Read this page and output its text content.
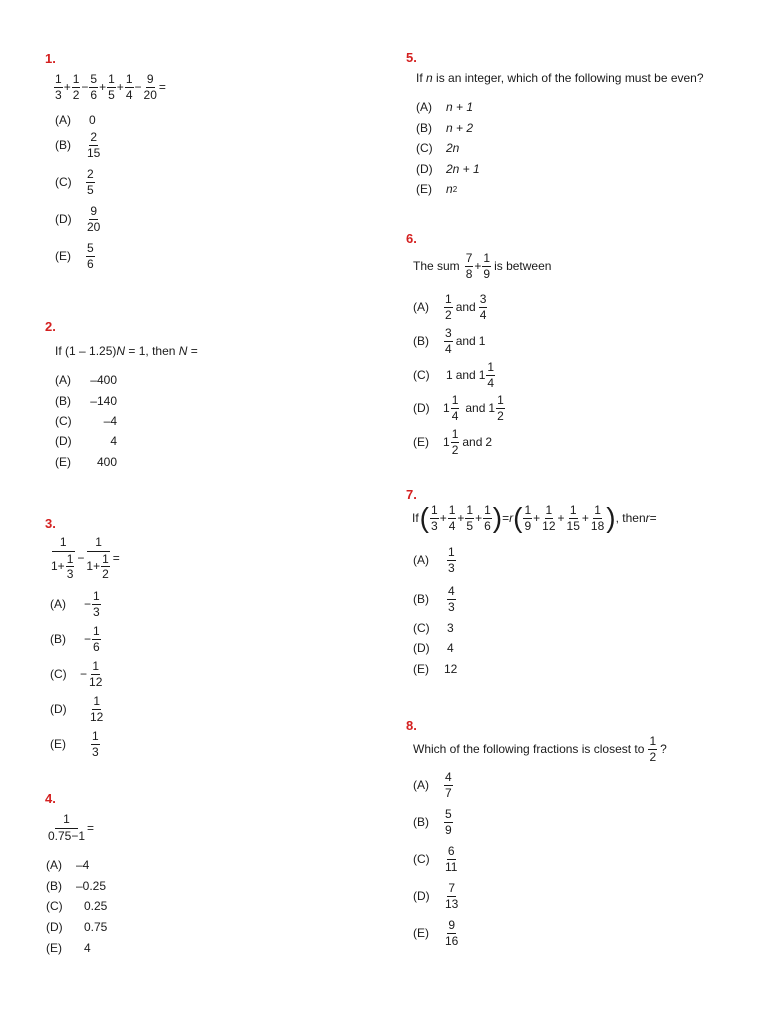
1.
$\frac{1}{3} + \frac{1}{2} - \frac{5}{6} + \frac{1}{5} + \frac{1}{4} - \frac{9}{20}$ =
(A)	0
(B)	$\frac{2}{15}$
(C)	$\frac{2}{5}$
(D)	$\frac{9}{20}$
(E)	$\frac{5}{6}$
2.
If (1 – 1.25)N = 1, then N =
(A)	–400
(B)	–140
(C)	–4
(D)	4
(E)	400
3.
$\frac{1}{1+ \frac{1}{3}} - \frac{1}{1+ \frac{1}{2}}$ =
(A)	− $\frac{1}{3}$
(B)	− $\frac{1}{6}$
(C)	− $\frac{1}{12}$
(D)	$\frac{1}{12}$
(E)	$\frac{1}{3}$
4.
$\frac{1}{0.75-1}$ =
(A)	–4
(B)	–0.25
(C)	0.25
(D)	0.75
(E)	4
5.
If n is an integer, which of the following must be even?
(A)	n + 1
(B)	n + 2
(C)	2n
(D)	2n + 1
(E)	n 2
6.
The sum $\frac{7}{8} + \frac{1}{9}$ is between
(A)	$\frac{1}{2}$ and $\frac{3}{4}$
(B)	$\frac{3}{4}$ and 1
(C)	1 and $1 \frac{1}{4}$
(D)	$1 \frac{1}{4}$ and $1 \frac{1}{2}$
(E)	$1 \frac{1}{2}$ and 2
7.
If ( $\frac{1}{3} + \frac{1}{4} + \frac{1}{5} + \frac{1}{6}$ ) = r ( $\frac{1}{9} + \frac{1}{12} + \frac{1}{15} + \frac{1}{18}$ ) , then r =
(A)	$\frac{1}{3}$
(B)	$\frac{4}{3}$
(C)	3
(D)	4
(E)	12
8.
Which of the following fractions is closest to $\frac{1}{2}$ ?
(A)	$\frac{4}{7}$
(B)	$\frac{5}{9}$
(C)	$\frac{6}{11}$
(D)	$\frac{7}{13}$
(E)	$\frac{9}{16}$
